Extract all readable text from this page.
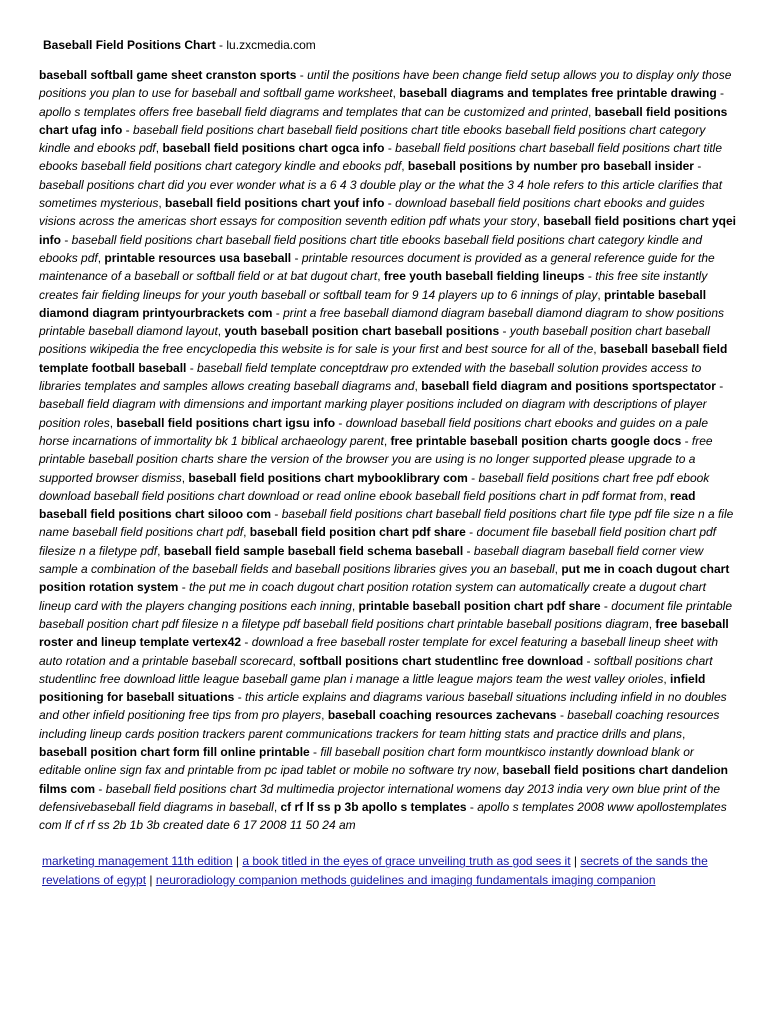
Baseball Field Positions Chart - lu.zxcmedia.com

baseball softball game sheet cranston sports - until the positions have been change field setup allows you to display only those positions you plan to use for baseball and softball game worksheet, baseball diagrams and templates free printable drawing - apollo s templates offers free baseball field diagrams and templates that can be customized and printed, baseball field positions chart ufag info - baseball field positions chart baseball field positions chart title ebooks baseball field positions chart category kindle and ebooks pdf, baseball field positions chart ogca info - baseball field positions chart baseball field positions chart title ebooks baseball field positions chart category kindle and ebooks pdf, baseball positions by number pro baseball insider - baseball positions chart did you ever wonder what is a 6 4 3 double play or the what the 3 4 hole refers to this article clarifies that sometimes mysterious, baseball field positions chart youf info - download baseball field positions chart ebooks and guides visions across the americas short essays for composition seventh edition pdf whats your story, baseball field positions chart yqei info - baseball field positions chart baseball field positions chart title ebooks baseball field positions chart category kindle and ebooks pdf, printable resources usa baseball - printable resources document is provided as a general reference guide for the maintenance of a baseball or softball field or at bat dugout chart, free youth baseball fielding lineups - this free site instantly creates fair fielding lineups for your youth baseball or softball team for 9 14 players up to 6 innings of play, printable baseball diamond diagram printyourbrackets com - print a free baseball diamond diagram baseball diamond diagram to show positions printable baseball diamond layout, youth baseball position chart baseball positions - youth baseball position chart baseball positions wikipedia the free encyclopedia this website is for sale is your first and best source for all of the, baseball baseball field template football baseball - baseball field template conceptdraw pro extended with the baseball solution provides access to libraries templates and samples allows creating baseball diagrams and, baseball field diagram and positions sportspectator - baseball field diagram with dimensions and important marking player positions included on diagram with descriptions of player position roles, baseball field positions chart igsu info - download baseball field positions chart ebooks and guides on a pale horse incarnations of immortality bk 1 biblical archaeology parent, free printable baseball position charts google docs - free printable baseball position charts share the version of the browser you are using is no longer supported please upgrade to a supported browser dismiss, baseball field positions chart mybooklibrary com - baseball field positions chart free pdf ebook download baseball field positions chart download or read online ebook baseball field positions chart in pdf format from, read baseball field positions chart silooo com - baseball field positions chart baseball field positions chart file type pdf file size n a file name baseball field positions chart pdf, baseball field position chart pdf share - document file baseball field position chart pdf filesize n a filetype pdf, baseball field sample baseball field schema baseball - baseball diagram baseball field corner view sample a combination of the baseball fields and baseball positions libraries gives you an baseball, put me in coach dugout chart position rotation system - the put me in coach dugout chart position rotation system can automatically create a dugout chart lineup card with the players changing positions each inning, printable baseball position chart pdf share - document file printable baseball position chart pdf filesize n a filetype pdf baseball field positions chart printable baseball positions diagram, free baseball roster and lineup template vertex42 - download a free baseball roster template for excel featuring a baseball lineup sheet with auto rotation and a printable baseball scorecard, softball positions chart studentlinc free download - softball positions chart studentlinc free download little league baseball game plan i manage a little league majors team the west valley orioles, infield positioning for baseball situations - this article explains and diagrams various baseball situations including infield in no doubles and other infield positioning free tips from pro players, baseball coaching resources zachevans - baseball coaching resources including lineup cards position trackers parent communications trackers for team hitting stats and practice drills and plans, baseball position chart form fill online printable - fill baseball position chart form mountkisco instantly download blank or editable online sign fax and printable from pc ipad tablet or mobile no software try now, baseball field positions chart dandelion films com - baseball field positions chart 3d multimedia projector international womens day 2013 india very own blue print of the defensivebaseball field diagrams in baseball, cf rf lf ss p 3b apollo s templates - apollo s templates 2008 www apollostemplates com lf cf rf ss 2b 1b 3b created date 6 17 2008 11 50 24 am

marketing management 11th edition | a book titled in the eyes of grace unveiling truth as god sees it | secrets of the sands the revelations of egypt | neuroradiology companion methods guidelines and imaging fundamentals imaging companion
